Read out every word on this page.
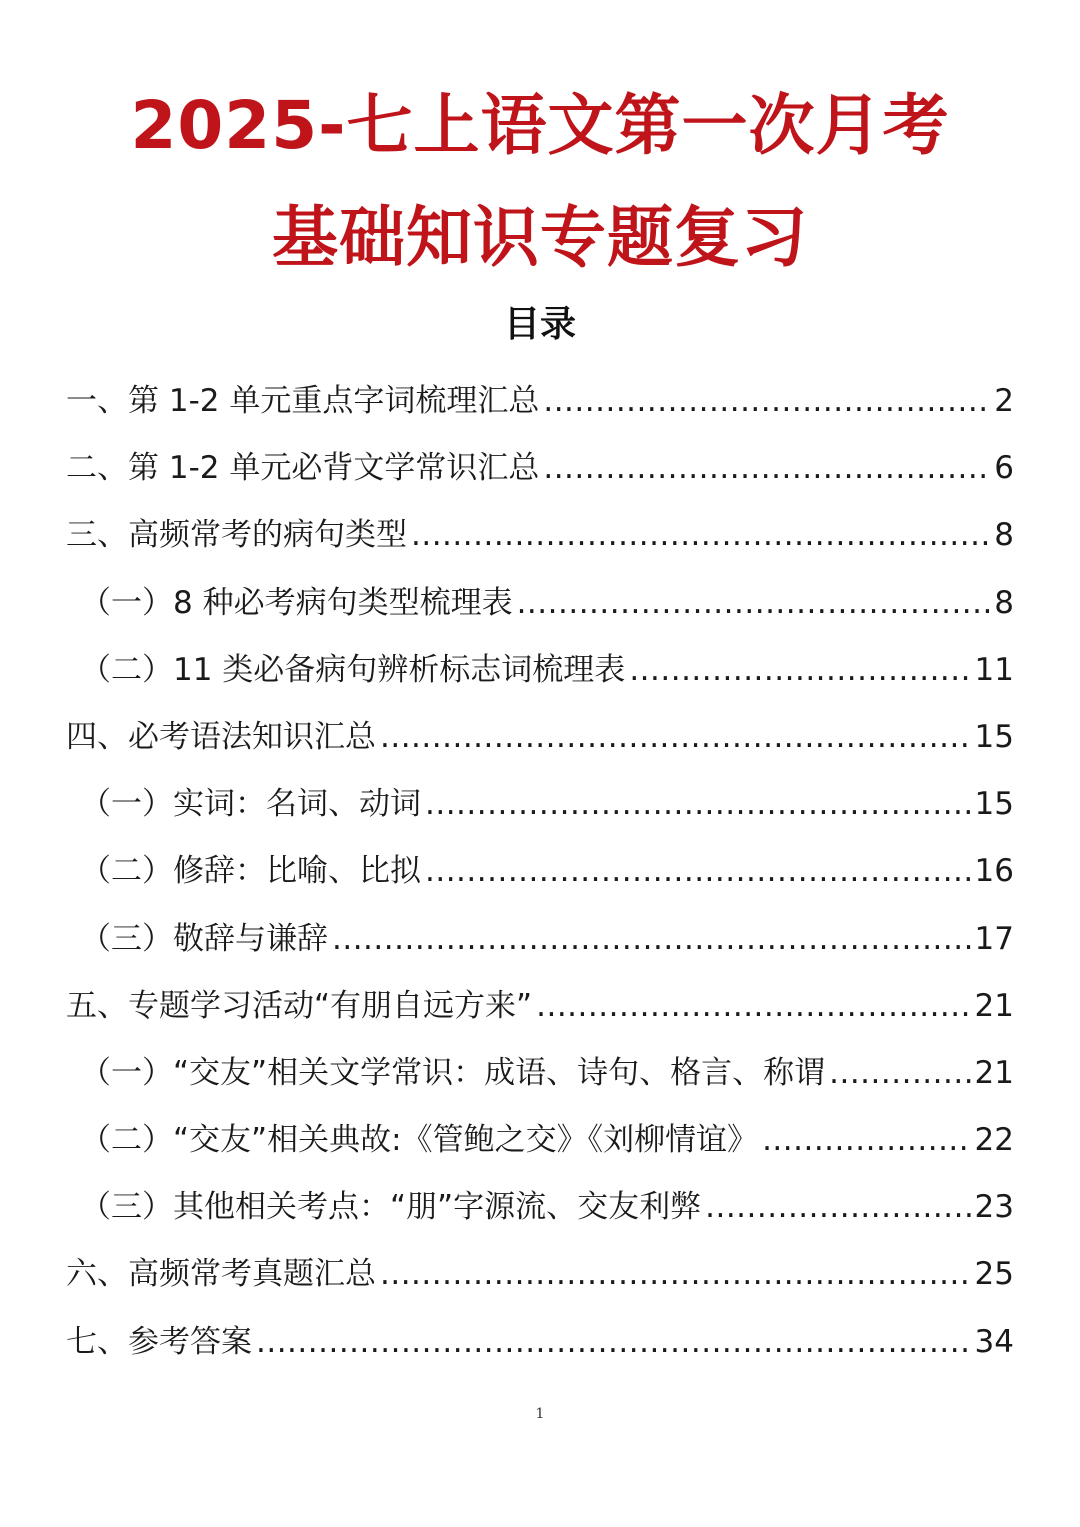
2025-七上语文第一次月考
基础知识专题复习
目录
一、第 1-2 单元重点字词梳理汇总 .....	2
二、第 1-2 单元必背文学常识汇总 .....	6
三、高频常考的病句类型 .....	8
（一）8 种必考病句类型梳理表 .....	8
（二）11 类必备病句辨析标志词梳理表 .....	11
四、必考语法知识汇总 .....	15
（一）实词：名词、动词 .....	15
（二）修辞：比喻、比拟 .....	16
（三）敬辞与谦辞 .....	17
五、专题学习活动“有朋自远方来” .....	21
（一）“交友”相关文学常识：成语、诗句、格言、称谓 .....	21
（二）“交友”相关典故:《管鲍之交》《刘柳情谊》 .....	22
（三）其他相关考点：“朋”字源流、交友利弊 .....	23
六、高频常考真题汇总 .....	25
七、参考答案 .....	34
1
